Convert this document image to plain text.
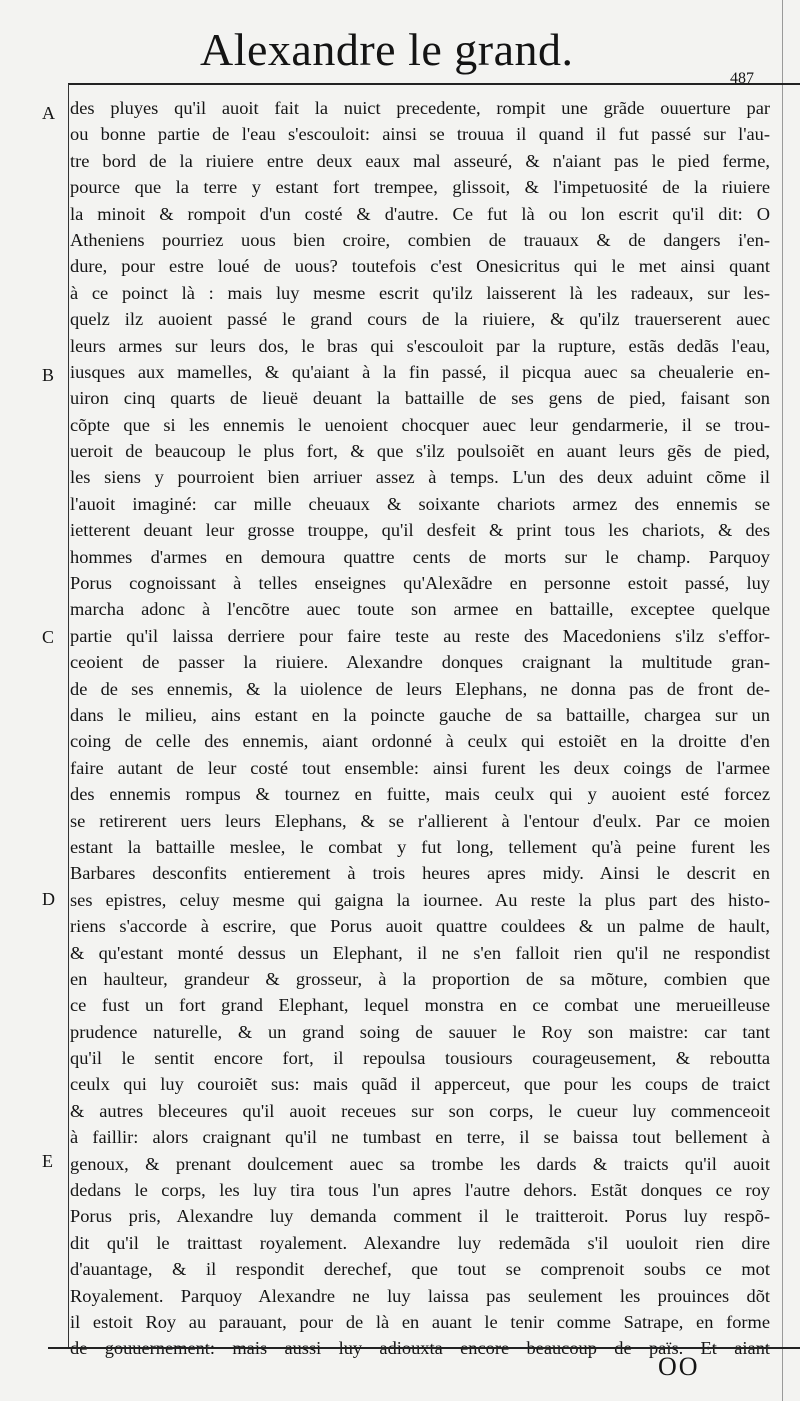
Alexandre le grand.
487
A
B
C
D
E
des pluyes qu'il auoit fait la nuict precedente, rompit une grãde ouuerture par
ou bonne partie de l'eau s'escouloit: ainsi se trouua il quand il fut passé sur l'au-
tre bord de la riuiere entre deux eaux mal asseuré, & n'aiant pas le pied ferme,
pource que la terre y estant fort trempee, glissoit, & l'impetuosité de la riuiere
la minoit & rompoit d'un costé & d'autre. Ce fut là ou lon escrit qu'il dit: O
Atheniens pourriez uous bien croire, combien de trauaux & de dangers i'en-
dure, pour estre loué de uous? toutefois c'est Onesicritus qui le met ainsi quant
à ce poinct là : mais luy mesme escrit qu'ilz laisserent là les radeaux, sur les-
quelz ilz auoient passé le grand cours de la riuiere, & qu'ilz trauerserent auec
leurs armes sur leurs dos, le bras qui s'escouloit par la rupture, estãs dedãs l'eau,
iusques aux mamelles, & qu'aiant à la fin passé, il picqua auec sa cheualerie en-
uiron cinq quarts de lieuë deuant la battaille de ses gens de pied, faisant son
cõpte que si les ennemis le uenoient chocquer auec leur gendarmerie, il se trou-
ueroit de beaucoup le plus fort, & que s'ilz poulsoiẽt en auant leurs gẽs de pied,
les siens y pourroient bien arriuer assez à temps. L'un des deux aduint cõme il
l'auoit imaginé: car mille cheuaux & soixante chariots armez des ennemis se
ietterent deuant leur grosse trouppe, qu'il desfeit & print tous les chariots, & des
hommes d'armes en demoura quattre cents de morts sur le champ. Parquoy
Porus cognoissant à telles enseignes qu'Alexãdre en personne estoit passé, luy
marcha adonc à l'encõtre auec toute son armee en battaille, exceptee quelque
partie qu'il laissa derriere pour faire teste au reste des Macedoniens s'ilz s'effor-
ceoient de passer la riuiere. Alexandre donques craignant la multitude gran-
de de ses ennemis, & la uiolence de leurs Elephans, ne donna pas de front de-
dans le milieu, ains estant en la poincte gauche de sa battaille, chargea sur un
coing de celle des ennemis, aiant ordonné à ceulx qui estoiẽt en la droitte d'en
faire autant de leur costé tout ensemble: ainsi furent les deux coings de l'armee
des ennemis rompus & tournez en fuitte, mais ceulx qui y auoient esté forcez
se retirerent uers leurs Elephans, & se r'allierent à l'entour d'eulx. Par ce moien
estant la battaille meslee, le combat y fut long, tellement qu'à peine furent les
Barbares desconfits entierement à trois heures apres midy. Ainsi le descrit en
ses epistres, celuy mesme qui gaigna la iournee. Au reste la plus part des histo-
riens s'accorde à escrire, que Porus auoit quattre couldees & un palme de hault,
& qu'estant monté dessus un Elephant, il ne s'en falloit rien qu'il ne respondist
en haulteur, grandeur & grosseur, à la proportion de sa mõture, combien que
ce fust un fort grand Elephant, lequel monstra en ce combat une merueilleuse
prudence naturelle, & un grand soing de sauuer le Roy son maistre: car tant
qu'il le sentit encore fort, il repoulsa tousiours courageusement, & reboutta
ceulx qui luy couroiẽt sus: mais quãd il apperceut, que pour les coups de traict
& autres bleceures qu'il auoit receues sur son corps, le cueur luy commenceoit
à faillir: alors craignant qu'il ne tumbast en terre, il se baissa tout bellement à
genoux, & prenant doulcement auec sa trombe les dards & traicts qu'il auoit
dedans le corps, les luy tira tous l'un apres l'autre dehors. Estãt donques ce roy
Porus pris, Alexandre luy demanda comment il le traitteroit. Porus luy respõ-
dit qu'il le traittast royalement. Alexandre luy redemãda s'il uouloit rien dire
d'auantage, & il respondit derechef, que tout se comprenoit soubs ce mot
Royalement. Parquoy Alexandre ne luy laissa pas seulement les prouinces dõt
il estoit Roy au parauant, pour de là en auant le tenir comme Satrape, en forme
de gouuernement: mais aussi luy adiouxta encore beaucoup de païs. Et aiant
OO
